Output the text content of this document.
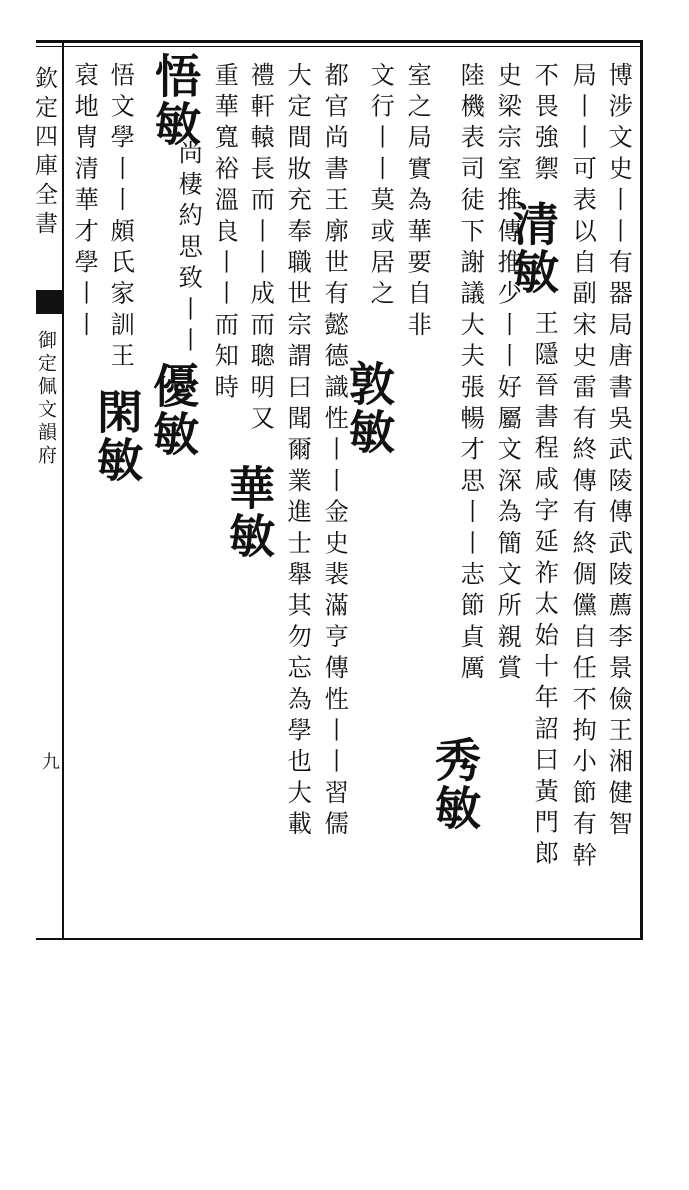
欽定四庫全書
御定佩文韻府
九	博涉文史丨丨有器局唐書吳武陵傳武陵薦李景儉王湘健智
局丨丨可表以自副宋史雷有終傳有終倜儻自任不拘小節有幹
不畏強禦
清敏
王隱晉書程咸字延祚太始十年詔曰黃門郎
史梁宗室推傳推少丨丨好屬文深為簡文所親賞
陸機表司徒下謝議大夫張暢才思丨丨志節貞厲
秀敏
室之局實為華要自非
文行丨丨莫或居之
敦敏
都官尚書王廓世有懿德識性丨丨金史裴滿亨傳性丨丨習儒
大定間妝充奉職世宗謂曰聞爾業進士舉其勿忘為學也大載
禮軒轅長而丨丨成而聰明又
華敏
重華寬裕溫良丨丨而知時
悟敏
尚棲約思致丨丨
優敏
悟文學丨丨頗氏家訓王
閑敏
裒地冑清華才學丨丨
